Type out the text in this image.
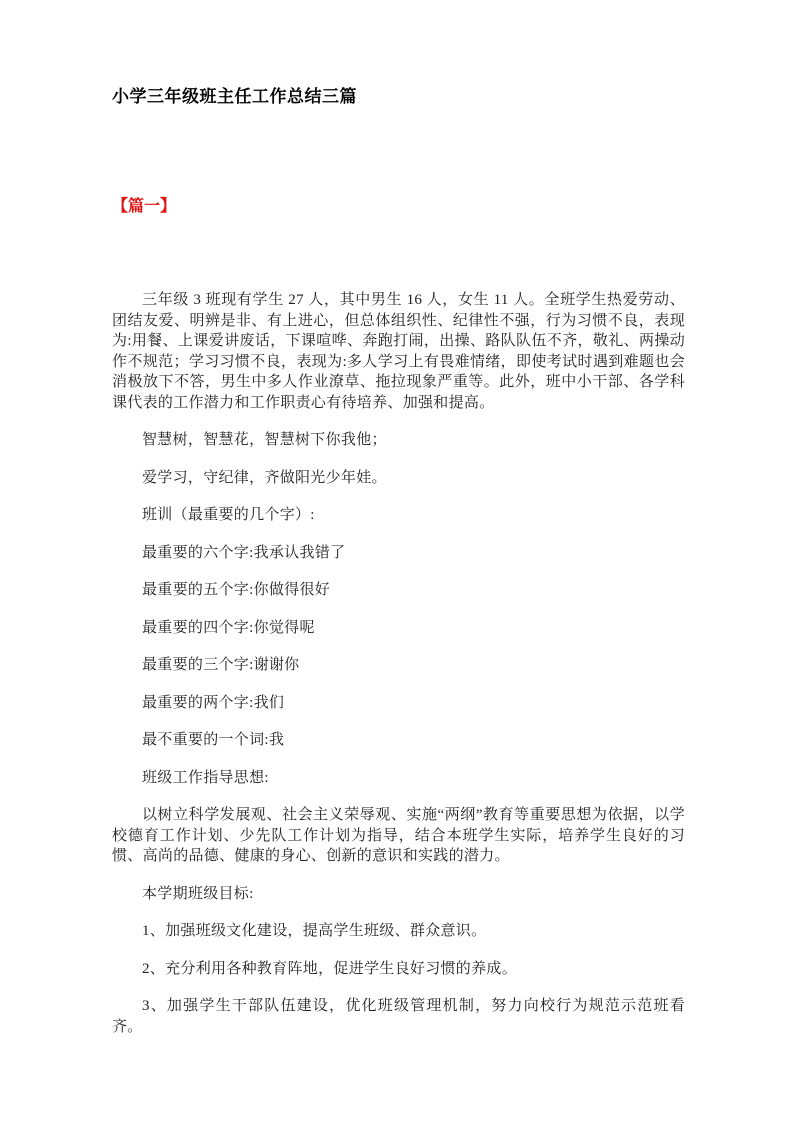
小学三年级班主任工作总结三篇
【篇一】

三年级 3 班现有学生 27 人，其中男生 16 人，女生 11 人。全班学生热爱劳动、团结友爱、明辨是非、有上进心，但总体组织性、纪律性不强，行为习惯不良，表现为:用餐、上课爱讲废话，下课喧哗、奔跑打闹，出操、路队队伍不齐，敬礼、两操动作不规范；学习习惯不良，表现为:多人学习上有畏难情绪，即使考试时遇到难题也会消极放下不答，男生中多人作业潦草、拖拉现象严重等。此外，班中小干部、各学科课代表的工作潜力和工作职责心有待培养、加强和提高。

智慧树，智慧花，智慧树下你我他；

爱学习，守纪律，齐做阳光少年娃。

班训（最重要的几个字）:

最重要的六个字:我承认我错了

最重要的五个字:你做得很好

最重要的四个字:你觉得呢

最重要的三个字:谢谢你

最重要的两个字:我们

最不重要的一个词:我

班级工作指导思想:

以树立科学发展观、社会主义荣辱观、实施“两纲”教育等重要思想为依据，以学校德育工作计划、少先队工作计划为指导，结合本班学生实际，培养学生良好的习惯、高尚的品德、健康的身心、创新的意识和实践的潜力。

本学期班级目标:

1、加强班级文化建设，提高学生班级、群众意识。

2、充分利用各种教育阵地，促进学生良好习惯的养成。

3、加强学生干部队伍建设，优化班级管理机制，努力向校行为规范示范班看齐。
